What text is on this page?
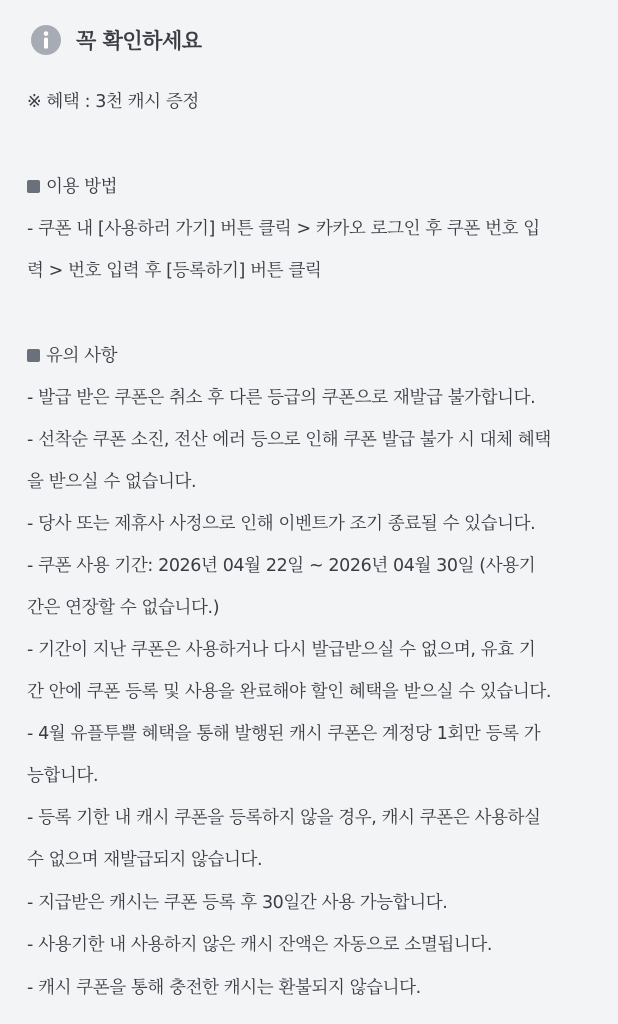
꼭 확인하세요
※ 혜택 : 3천 캐시 증정
이용 방법
- 쿠폰 내 [사용하러 가기] 버튼 클릭 > 카카오 로그인 후 쿠폰 번호 입
력 > 번호 입력 후 [등록하기] 버튼 클릭
유의 사항
- 발급 받은 쿠폰은 취소 후 다른 등급의 쿠폰으로 재발급 불가합니다.
- 선착순 쿠폰 소진, 전산 에러 등으로 인해 쿠폰 발급 불가 시 대체 혜택
을 받으실 수 없습니다.
- 당사 또는 제휴사 사정으로 인해 이벤트가 조기 종료될 수 있습니다.
- 쿠폰 사용 기간: 2026년 04월 22일 ~ 2026년 04월 30일 (사용기
간은 연장할 수 없습니다.)
- 기간이 지난 쿠폰은 사용하거나 다시 발급받으실 수 없으며, 유효 기
간 안에 쿠폰 등록 및 사용을 완료해야 할인 혜택을 받으실 수 있습니다.
- 4월 유플투쁠 혜택을 통해 발행된 캐시 쿠폰은 계정당 1회만 등록 가
능합니다.
- 등록 기한 내 캐시 쿠폰을 등록하지 않을 경우, 캐시 쿠폰은 사용하실
수 없으며 재발급되지 않습니다.
- 지급받은 캐시는 쿠폰 등록 후 30일간 사용 가능합니다.
- 사용기한 내 사용하지 않은 캐시 잔액은 자동으로 소멸됩니다.
- 캐시 쿠폰을 통해 충전한 캐시는 환불되지 않습니다.
